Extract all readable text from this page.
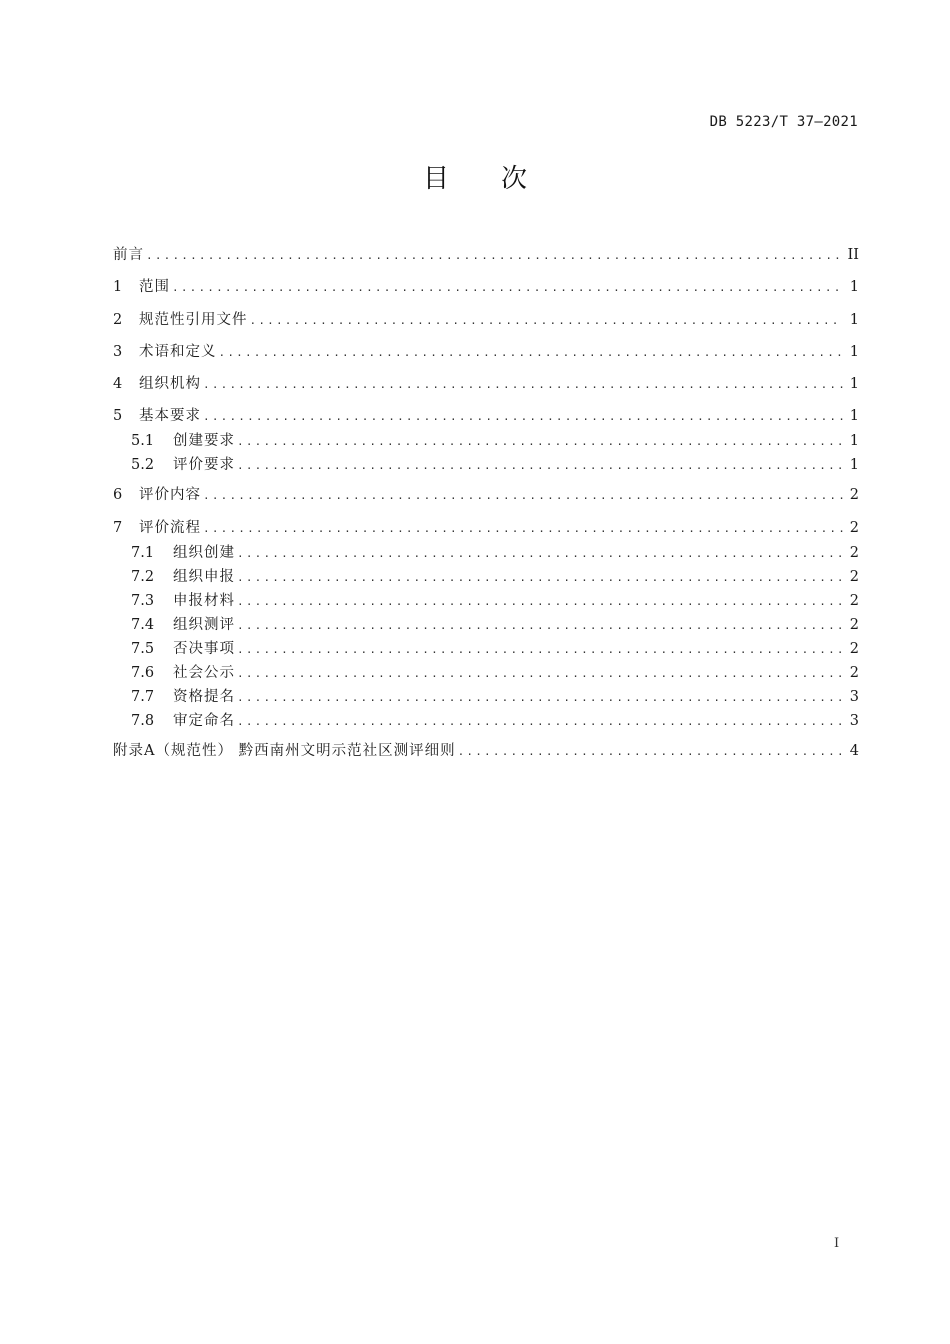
DB 5223/T 37—2021
目次
前言 .....	II
1	范围 .....	1
2	规范性引用文件 .....	1
3	术语和定义 .....	1
4	组织机构 .....	1
5	基本要求 .....	1
5.1	创建要求 .....	1
5.2	评价要求 .....	1
6	评价内容 .....	2
7	评价流程 .....	2
7.1	组织创建 .....	2
7.2	组织申报 .....	2
7.3	申报材料 .....	2
7.4	组织测评 .....	2
7.5	否决事项 .....	2
7.6	社会公示 .....	2
7.7	资格提名 .....	3
7.8	审定命名 .....	3
附录A（规范性） 黔西南州文明示范社区测评细则 .....	4
I
